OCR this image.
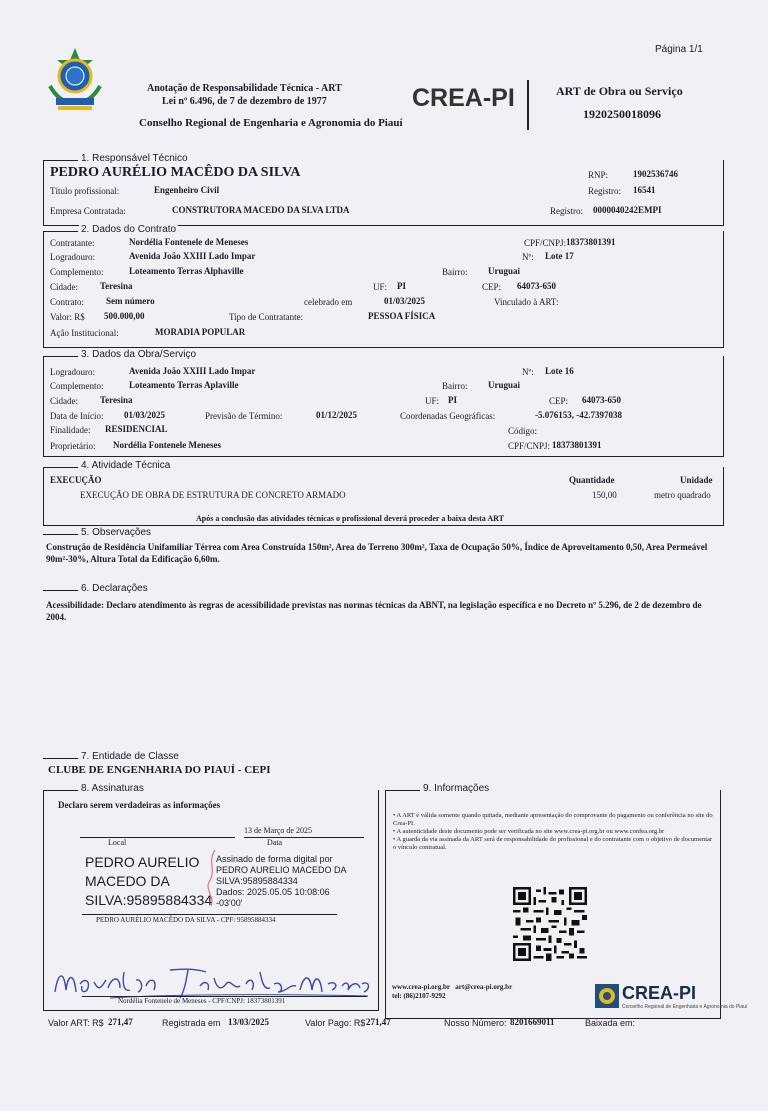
Página 1/1
Anotação de Responsabilidade Técnica - ART
Lei nº 6.496, de 7 de dezembro de 1977
Conselho Regional de Engenharia e Agronomia do Piauí
CREA-PI	ART de Obra ou Serviço
1920250018096
1. Responsável Técnico
PEDRO AURÉLIO MACÊDO DA SILVA	RNP:	1902536746
Título profissional:	Engenheiro Civil	Registro: 16541
Empresa Contratada:	CONSTRUTORA MACEDO DA SLVA LTDA	Registro: 0000040242EMPI
2. Dados do Contrato
Contratante:	Nordélia Fontenele de Meneses	CPF/CNPJ: 18373801391
Logradouro:	Avenida João XXIII Lado Impar	Nº: Lote 17
Complemento:	Loteamento Terras Alphaville	Bairro: Uruguai
Cidade: Teresina	UF: PI	CEP: 64073-650
Contrato: Sem número	celebrado em	01/03/2025	Vinculado à ART:
Valor: R$ 500.000,00	Tipo de Contratante:	PESSOA FÍSICA
Ação Institucional:	MORADIA POPULAR
3. Dados da Obra/Serviço
Logradouro:	Avenida João XXIII Lado Impar	Nº: Lote 16
Complemento:	Loteamento Terras Aplaville	Bairro: Uruguai
Cidade: Teresina	UF: PI	CEP: 64073-650
Data de Início: 01/03/2025	Previsão de Término:	01/12/2025	Coordenadas Geográficas:	-5.076153, -42.7397038
Finalidade: RESIDENCIAL	Código:
Proprietário: Nordélia Fontenele Meneses	CPF/CNPJ: 18373801391
4. Atividade Técnica
EXECUÇÃO	Quantidade	Unidade
EXECUÇÃO DE OBRA DE ESTRUTURA DE CONCRETO ARMADO	150,00	metro quadrado
Após a conclusão das atividades técnicas o profissional deverá proceder a baixa desta ART
5. Observações
Construção de Residência Unifamiliar Térrea com Area Construída 150m², Area do Terreno 300m², Taxa de Ocupação 50%, Índice de Aproveitamento 0,50, Area Permeável 90m²-30%, Altura Total da Edificação 6,60m.
6. Declarações
Acessibilidade: Declaro atendimento às regras de acessibilidade previstas nas normas técnicas da ABNT, na legislação específica e no Decreto nº 5.296, de 2 de dezembro de 2004.
7. Entidade de Classe
CLUBE DE ENGENHARIA DO PIAUÍ - CEPI
8. Assinaturas
Declaro serem verdadeiras as informações
13 de Março de 2025
Local	Data
PEDRO AURELIO
MACEDO DA
SILVA:95895884334
Assinado de forma digital por
PEDRO AURELIO MACEDO DA
SILVA:95895884334
Dados: 2025.05.05 10:08:06
-03'00'
PEDRO AURÉLIO MACÊDO DA SILVA - CPF: 95895884334
Nordélia Fontenele de Meneses - CPF/CNPJ: 18373801391
9. Informações
• A ART é válida somente quando quitada, mediante apresentação do comprovante do pagamento ou conferência no site do Crea-PI.
• A autenticidade deste documento pode ser verificada no site www.crea-pi.org.br ou www.confea.org.br
• A guarda da via assinada da ART será de responsabilidade do profissional e do contratante com o objetivo de documentar o vínculo contratual.
www.crea-pi.org.br art@crea-pi.org.br
tel: (86)2107-9292	CREA-PI
Conselho Regional de Engenharia e Agronomia do Piauí
Valor ART: R$ 271,47	Registrada em 13/03/2025	Valor Pago: R$ 271,47	Nosso Número: 8201669011	Baixada em:
